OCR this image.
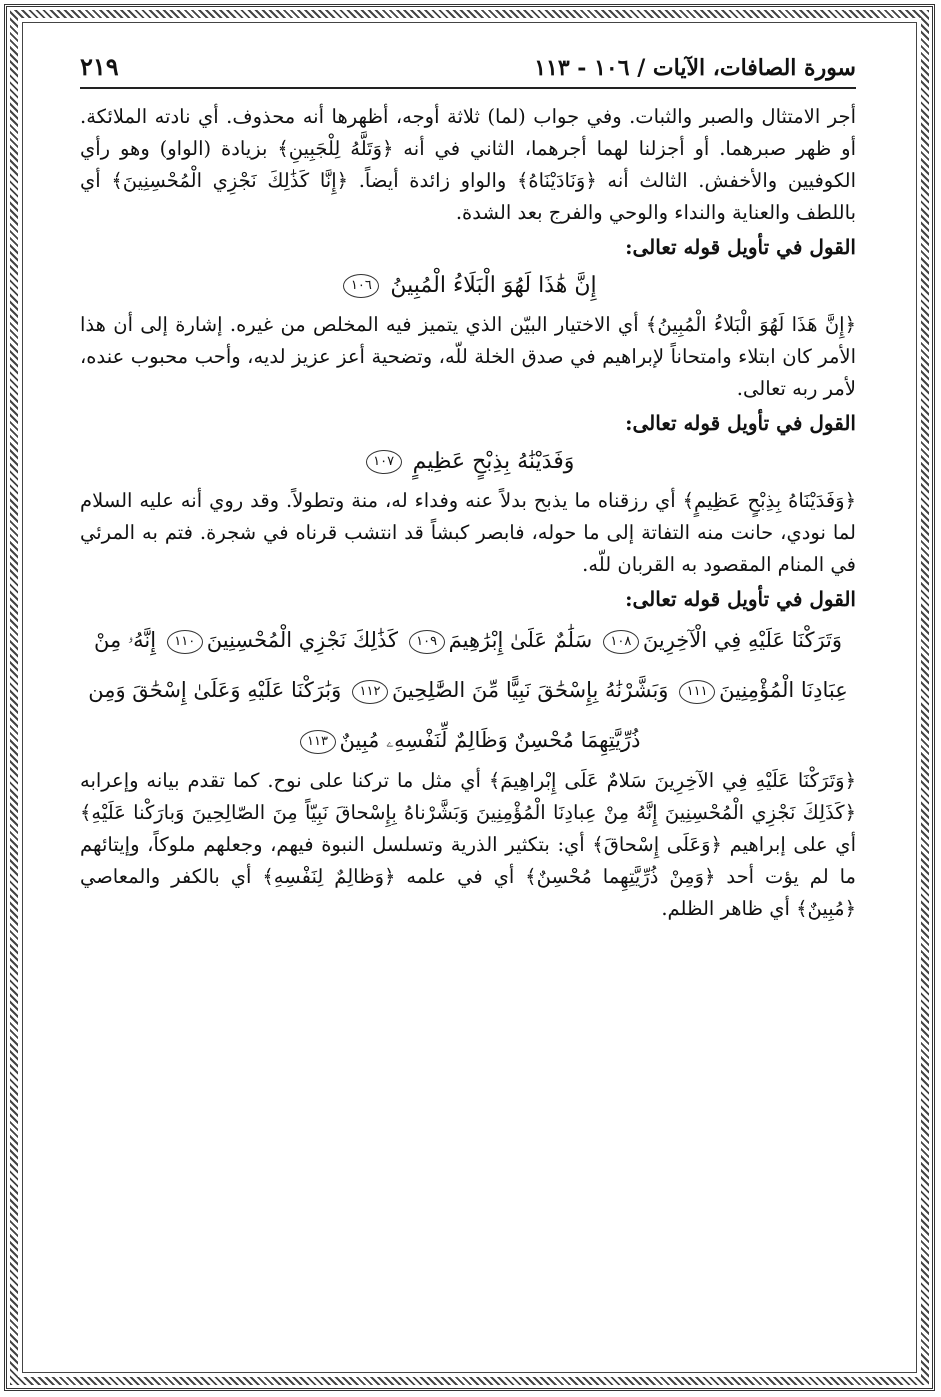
سورة الصافات، الآيات / ١٠٦ - ١١٣
٢١٩

أجر الامتثال والصبر والثبات. وفي جواب (لما) ثلاثة أوجه، أظهرها أنه محذوف. أي نادته الملائكة. أو ظهر صبرهما. أو أجزلنا لهما أجرهما، الثاني في أنه ﴿وَتَلَّهُ لِلْجَبِينِ﴾ بزيادة (الواو) وهو رأي الكوفيين والأخفش. الثالث أنه ﴿وَنَادَيْنَاهُ﴾ والواو زائدة أيضاً. ﴿إِنَّا كَذَٰلِكَ نَجْزِي الْمُحْسِنِينَ﴾ أي باللطف والعناية والنداء والوحي والفرج بعد الشدة.

القول في تأويل قوله تعالى:
إِنَّ هَٰذَا لَهُوَ الْبَلَاءُ الْمُبِينُ ١٠٦

﴿إِنَّ هَذَا لَهُوَ الْبَلاءُ الْمُبِينُ﴾ أي الاختيار البيّن الذي يتميز فيه المخلص من غيره. إشارة إلى أن هذا الأمر كان ابتلاء وامتحاناً لإبراهيم في صدق الخلة للّه، وتضحية أعز عزيز لديه، وأحب محبوب عنده، لأمر ربه تعالى.

القول في تأويل قوله تعالى:
وَفَدَيْنَٰهُ بِذِبْحٍ عَظِيمٍ ١٠٧

﴿وَفَدَيْنَاهُ بِذِبْحٍ عَظِيمٍ﴾ أي رزقناه ما يذبح بدلاً عنه وفداء له، منة وتطولاً. وقد روي أنه عليه السلام لما نودي، حانت منه التفاتة إلى ما حوله، فابصر كبشاً قد انتشب قرناه في شجرة. فتم به المرئي في المنام المقصود به القربان للّه.

القول في تأويل قوله تعالى:
وَتَرَكْنَا عَلَيْهِ فِي الْآخِرِينَ١٠٨ سَلَٰمٌ عَلَىٰ إِبْرَٰهِيمَ١٠٩ كَذَٰلِكَ نَجْزِي الْمُحْسِنِينَ١١٠ إِنَّهُۥ مِنْ عِبَادِنَا الْمُؤْمِنِينَ١١١ وَبَشَّرْنَٰهُ بِإِسْحَٰقَ نَبِيًّا مِّنَ الصَّٰلِحِينَ١١٢ وَبَٰرَكْنَا عَلَيْهِ وَعَلَىٰ إِسْحَٰقَ وَمِن ذُرِّيَّتِهِمَا مُحْسِنٌ وَظَالِمٌ لِّنَفْسِهِۦ مُبِينٌ١١٣

﴿وَتَرَكْنَا عَلَيْهِ فِي الآخِرِينَ سَلامٌ عَلَى إِبْراهِيمَ﴾ أي مثل ما تركنا على نوح. كما تقدم بيانه وإعرابه ﴿كَذَلِكَ نَجْزِي الْمُحْسِنِينَ إِنَّهُ مِنْ عِبادِنَا الْمُؤْمِنِينَ وَبَشَّرْناهُ بِإِسْحاقَ نَبِيّاً مِنَ الصّالِحِينَ وَبارَكْنا عَلَيْهِ﴾ أي على إبراهيم ﴿وَعَلَى إِسْحاقَ﴾ أي: بتكثير الذرية وتسلسل النبوة فيهم، وجعلهم ملوكاً، وإيتائهم ما لم يؤت أحد ﴿وَمِنْ ذُرِّيَّتِهِما مُحْسِنٌ﴾ أي في علمه ﴿وَظالِمٌ لِنَفْسِهِ﴾ أي بالكفر والمعاصي ﴿مُبِينٌ﴾ أي ظاهر الظلم.
